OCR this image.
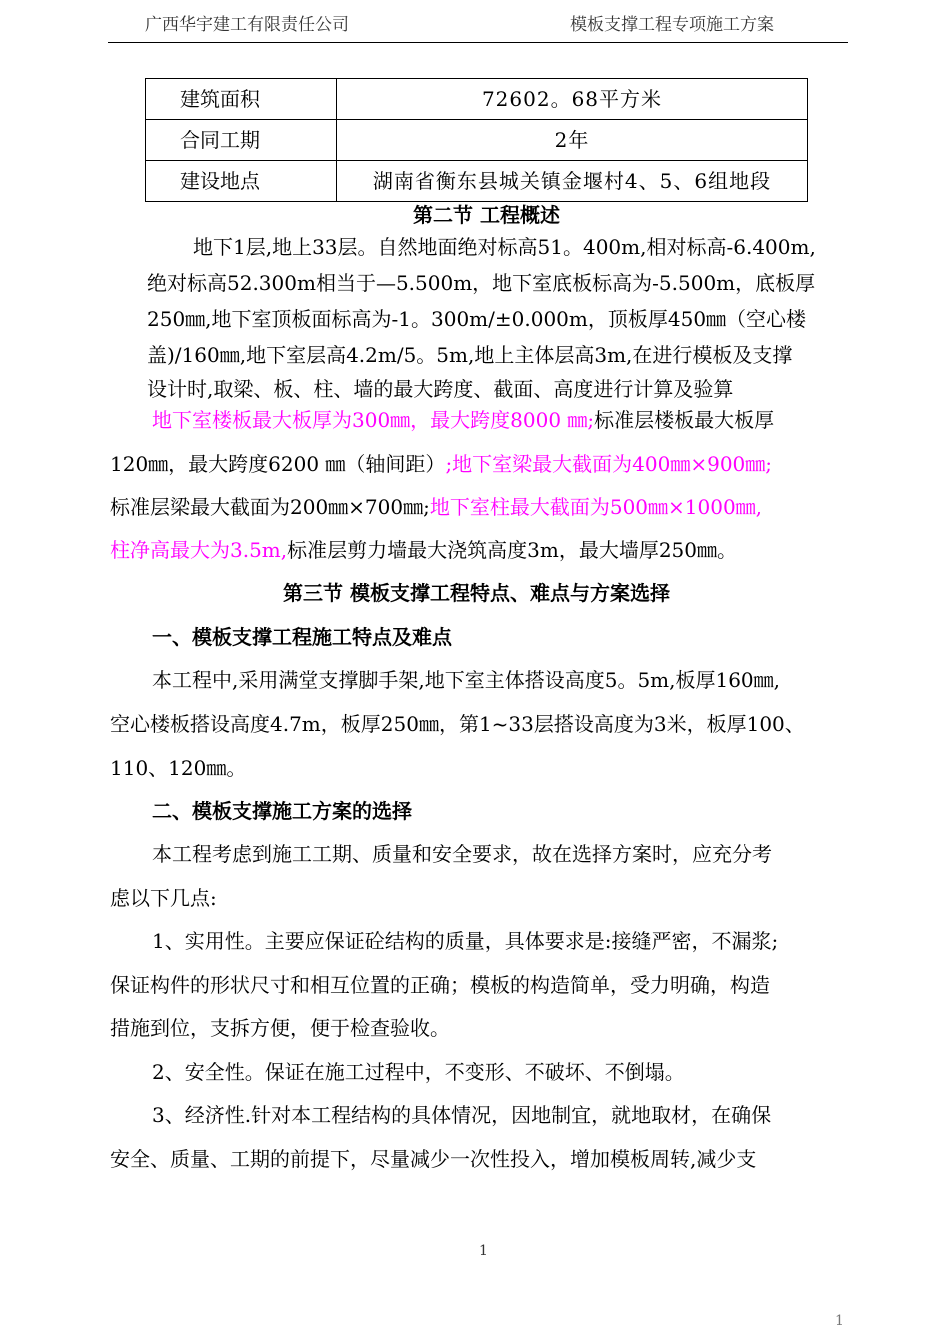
广西华宇建工有限责任公司	模板支撑工程专项施工方案
建筑面积	72602。68平方米
合同工期	2年
建设地点	湖南省衡东县城关镇金堰村4、5、6组地段
第二节 工程概述
地下1层,地上33层。自然地面绝对标高51。400m,相对标高-6.400m,
绝对标高52.300m相当于—5.500m，地下室底板标高为-5.500m，底板厚
250㎜,地下室顶板面标高为-1。300m/±0.000m，顶板厚450㎜（空心楼
盖)/160㎜,地下室层高4.2m/5。5m,地上主体层高3m,在进行模板及支撑
设计时,取梁、板、柱、墙的最大跨度、截面、高度进行计算及验算
地下室楼板最大板厚为300㎜，最大跨度8000 ㎜;标准层楼板最大板厚
120㎜，最大跨度6200 ㎜（轴间距）;地下室梁最大截面为400㎜×900㎜;
标准层梁最大截面为200㎜×700㎜;地下室柱最大截面为500㎜×1000㎜,
柱净高最大为3.5m,标准层剪力墙最大浇筑高度3m，最大墙厚250㎜。
第三节 模板支撑工程特点、难点与方案选择
一、模板支撑工程施工特点及难点
本工程中,采用满堂支撑脚手架,地下室主体搭设高度5。5m,板厚160㎜,
空心楼板搭设高度4.7m，板厚250㎜，第1~33层搭设高度为3米，板厚100、
110、120㎜。
二、模板支撑施工方案的选择
本工程考虑到施工工期、质量和安全要求，故在选择方案时，应充分考
虑以下几点:
1、实用性。主要应保证砼结构的质量，具体要求是:接缝严密，不漏浆;
保证构件的形状尺寸和相互位置的正确；模板的构造简单，受力明确，构造
措施到位，支拆方便，便于检查验收。
2、安全性。保证在施工过程中，不变形、不破坏、不倒塌。
3、经济性.针对本工程结构的具体情况，因地制宜，就地取材，在确保
安全、质量、工期的前提下，尽量减少一次性投入，增加模板周转,减少支
1
1
